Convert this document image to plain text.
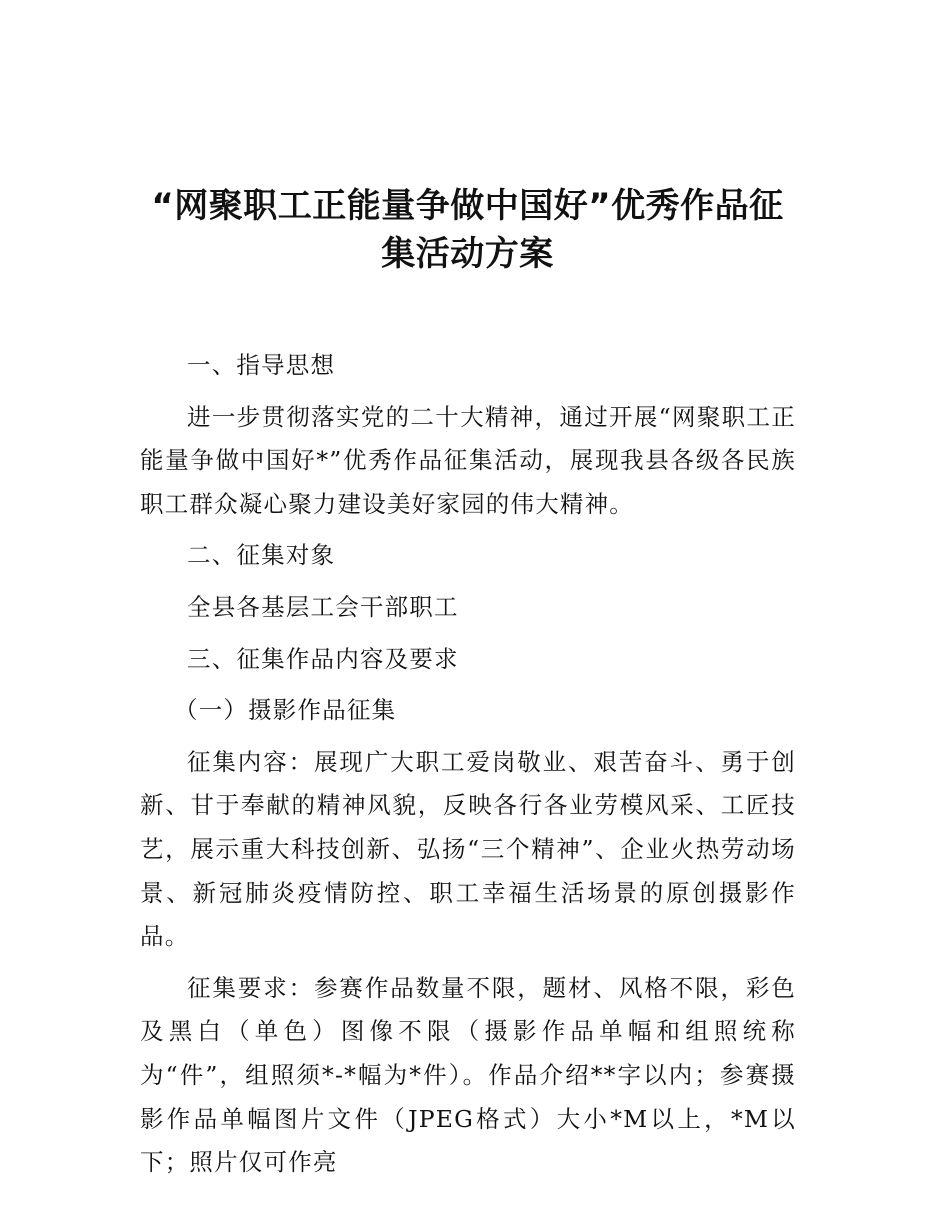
“网聚职工正能量争做中国好”优秀作品征
集活动方案

一、指导思想

进一步贯彻落实党的二十大精神，通过开展“网聚职工正能量争做中国好*”优秀作品征集活动，展现我县各级各民族职工群众凝心聚力建设美好家园的伟大精神。

二、征集对象

全县各基层工会干部职工

三、征集作品内容及要求

（一）摄影作品征集

征集内容：展现广大职工爱岗敬业、艰苦奋斗、勇于创新、甘于奉献的精神风貌，反映各行各业劳模风采、工匠技艺，展示重大科技创新、弘扬“三个精神”、企业火热劳动场景、新冠肺炎疫情防控、职工幸福生活场景的原创摄影作品。

征集要求：参赛作品数量不限，题材、风格不限，彩色及黑白（单色）图像不限（摄影作品单幅和组照统称为“件”，组照须*-*幅为*件）。作品介绍**字以内；参赛摄影作品单幅图片文件（JPEG格式）大小*M以上，*M以下；照片仅可作亮
